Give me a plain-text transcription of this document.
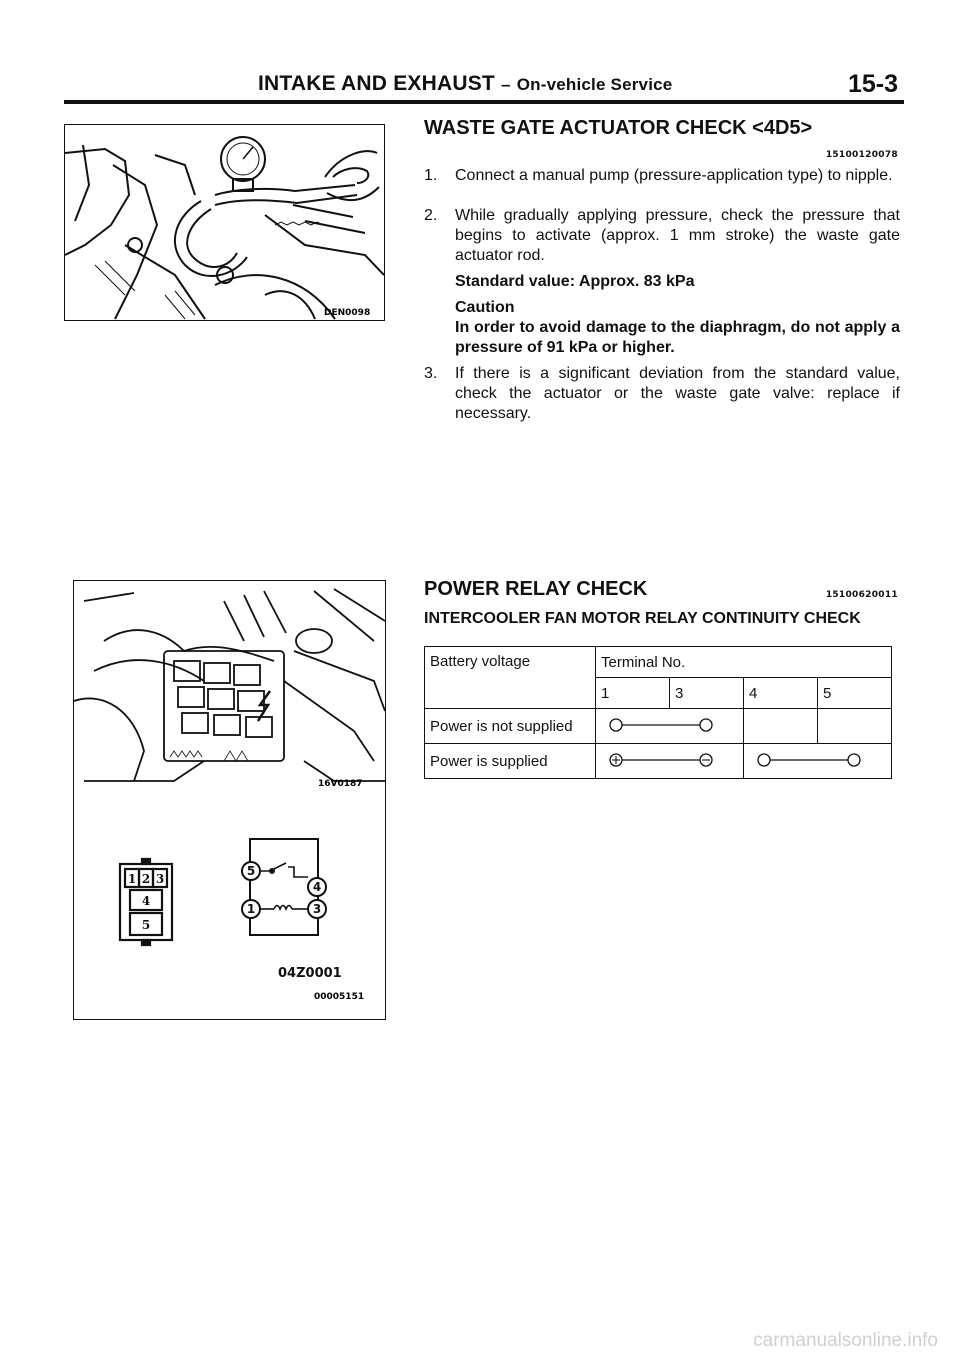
INTAKE AND EXHAUST – On-vehicle Service	15-3
DEN0098
16V0187
1 2 3
4
5
5
4
1	3
04Z0001
00005151
WASTE GATE ACTUATOR CHECK <4D5>
15100120078
1. Connect a manual pump (pressure-application type) to nipple.
2. While gradually applying pressure, check the pressure that begins to activate (approx. 1 mm stroke) the waste gate actuator rod.
Standard value: Approx. 83 kPa
Caution
In order to avoid damage to the diaphragm, do not apply a pressure of 91 kPa or higher.
3. If there is a significant deviation from the standard value, check the actuator or the waste gate valve: replace if necessary.
POWER RELAY CHECK	15100620011
INTERCOOLER FAN MOTOR RELAY CONTINUITY CHECK
Battery voltage	Terminal No.			
	1	3	4	5
Power is not supplied			
Power is supplied		
carmanualsonline.info
